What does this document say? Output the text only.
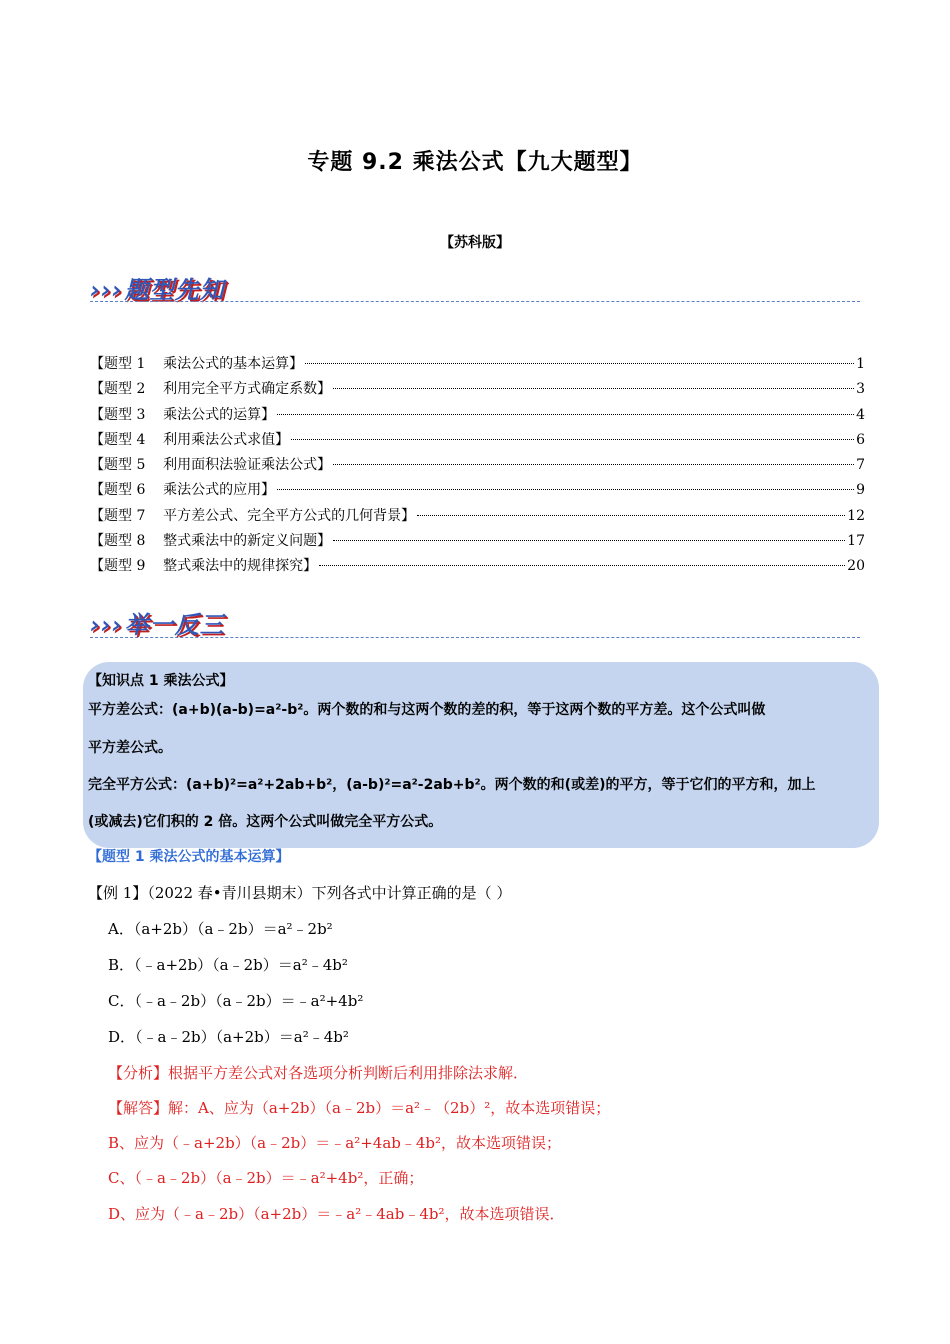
专题 9.2 乘法公式【九大题型】
【苏科版】
›››题型先知
【题型 1    乘法公式的基本运算】	1
【题型 2    利用完全平方式确定系数】	3
【题型 3    乘法公式的运算】	4
【题型 4    利用乘法公式求值】	6
【题型 5    利用面积法验证乘法公式】	7
【题型 6    乘法公式的应用】	9
【题型 7    平方差公式、完全平方公式的几何背景】	12
【题型 8    整式乘法中的新定义问题】	17
【题型 9    整式乘法中的规律探究】	20
›››举一反三
【知识点 1 乘法公式】
平方差公式：(a+b)(a-b)=a²-b²。两个数的和与这两个数的差的积，等于这两个数的平方差。这个公式叫做
平方差公式。
完全平方公式：(a+b)²=a²+2ab+b²，(a-b)²=a²-2ab+b²。两个数的和(或差)的平方，等于它们的平方和，加上
(或减去)它们积的 2 倍。这两个公式叫做完全平方公式。
【题型 1 乘法公式的基本运算】
【例 1】（2022 春•青川县期末）下列各式中计算正确的是（ ）
A．（a+2b）（a﹣2b）＝a²﹣2b²
B．（﹣a+2b）（a﹣2b）＝a²﹣4b²
C．（﹣a﹣2b）（a﹣2b）＝﹣a²+4b²
D．（﹣a﹣2b）（a+2b）＝a²﹣4b²
【分析】根据平方差公式对各选项分析判断后利用排除法求解．
【解答】解：A、应为（a+2b）（a﹣2b）＝a²﹣（2b）²，故本选项错误；
B、应为（﹣a+2b）（a﹣2b）＝﹣a²+4ab﹣4b²，故本选项错误；
C、（﹣a﹣2b）（a﹣2b）＝﹣a²+4b²，正确；
D、应为（﹣a﹣2b）（a+2b）＝﹣a²﹣4ab﹣4b²，故本选项错误．
